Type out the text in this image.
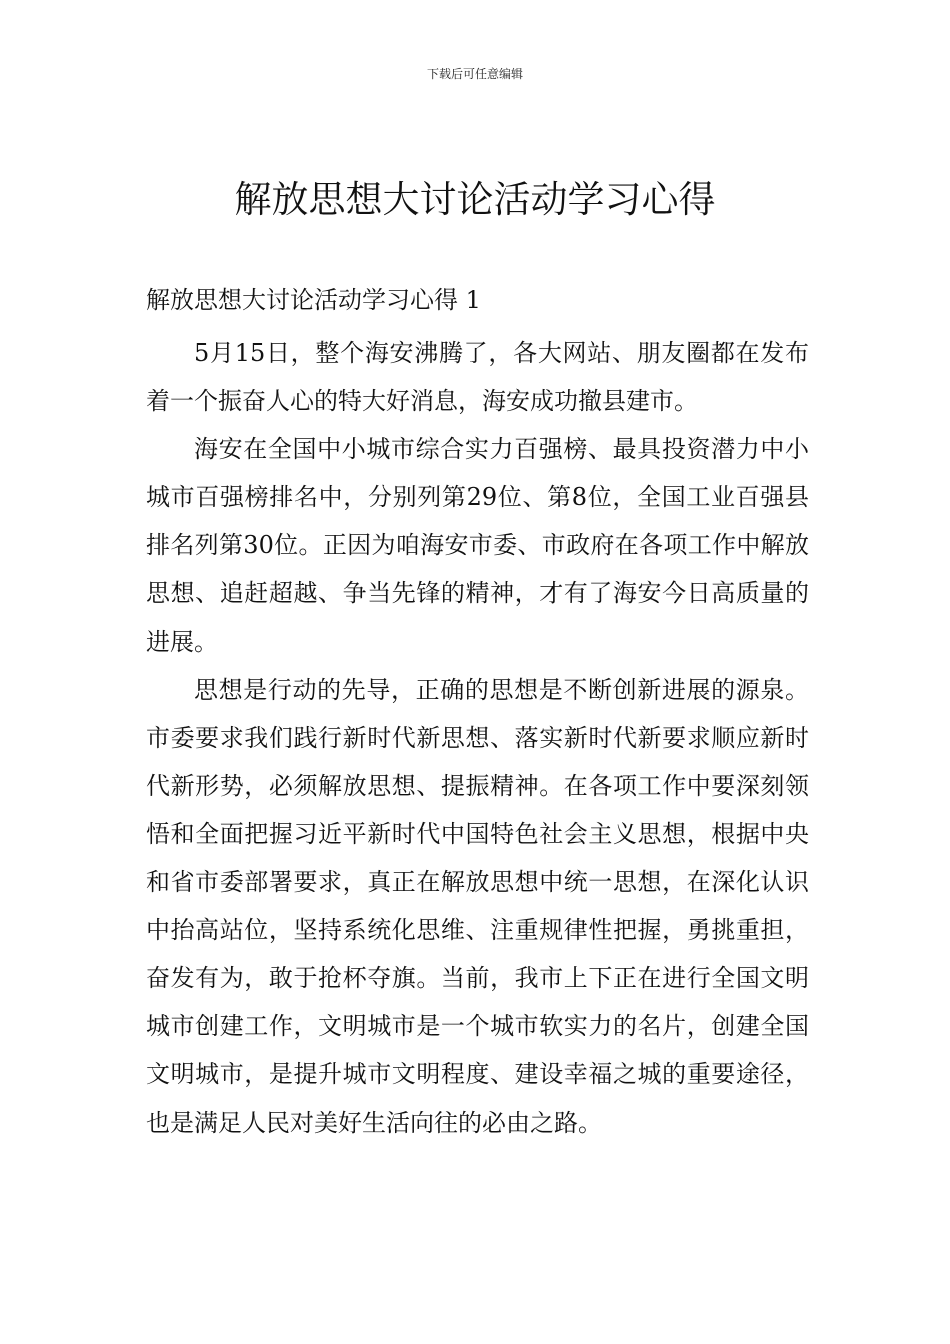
下载后可任意编辑
解放思想大讨论活动学习心得
解放思想大讨论活动学习心得 1

5月15日，整个海安沸腾了，各大网站、朋友圈都在发布着一个振奋人心的特大好消息，海安成功撤县建市。

海安在全国中小城市综合实力百强榜、最具投资潜力中小城市百强榜排名中，分别列第29位、第8位，全国工业百强县排名列第30位。正因为咱海安市委、市政府在各项工作中解放思想、追赶超越、争当先锋的精神，才有了海安今日高质量的进展。

思想是行动的先导，正确的思想是不断创新进展的源泉。市委要求我们践行新时代新思想、落实新时代新要求顺应新时代新形势，必须解放思想、提振精神。在各项工作中要深刻领悟和全面把握习近平新时代中国特色社会主义思想，根据中央和省市委部署要求，真正在解放思想中统一思想，在深化认识中抬高站位，坚持系统化思维、注重规律性把握，勇挑重担，奋发有为，敢于抢杯夺旗。当前，我市上下正在进行全国文明城市创建工作，文明城市是一个城市软实力的名片，创建全国文明城市，是提升城市文明程度、建设幸福之城的重要途径，也是满足人民对美好生活向往的必由之路。
